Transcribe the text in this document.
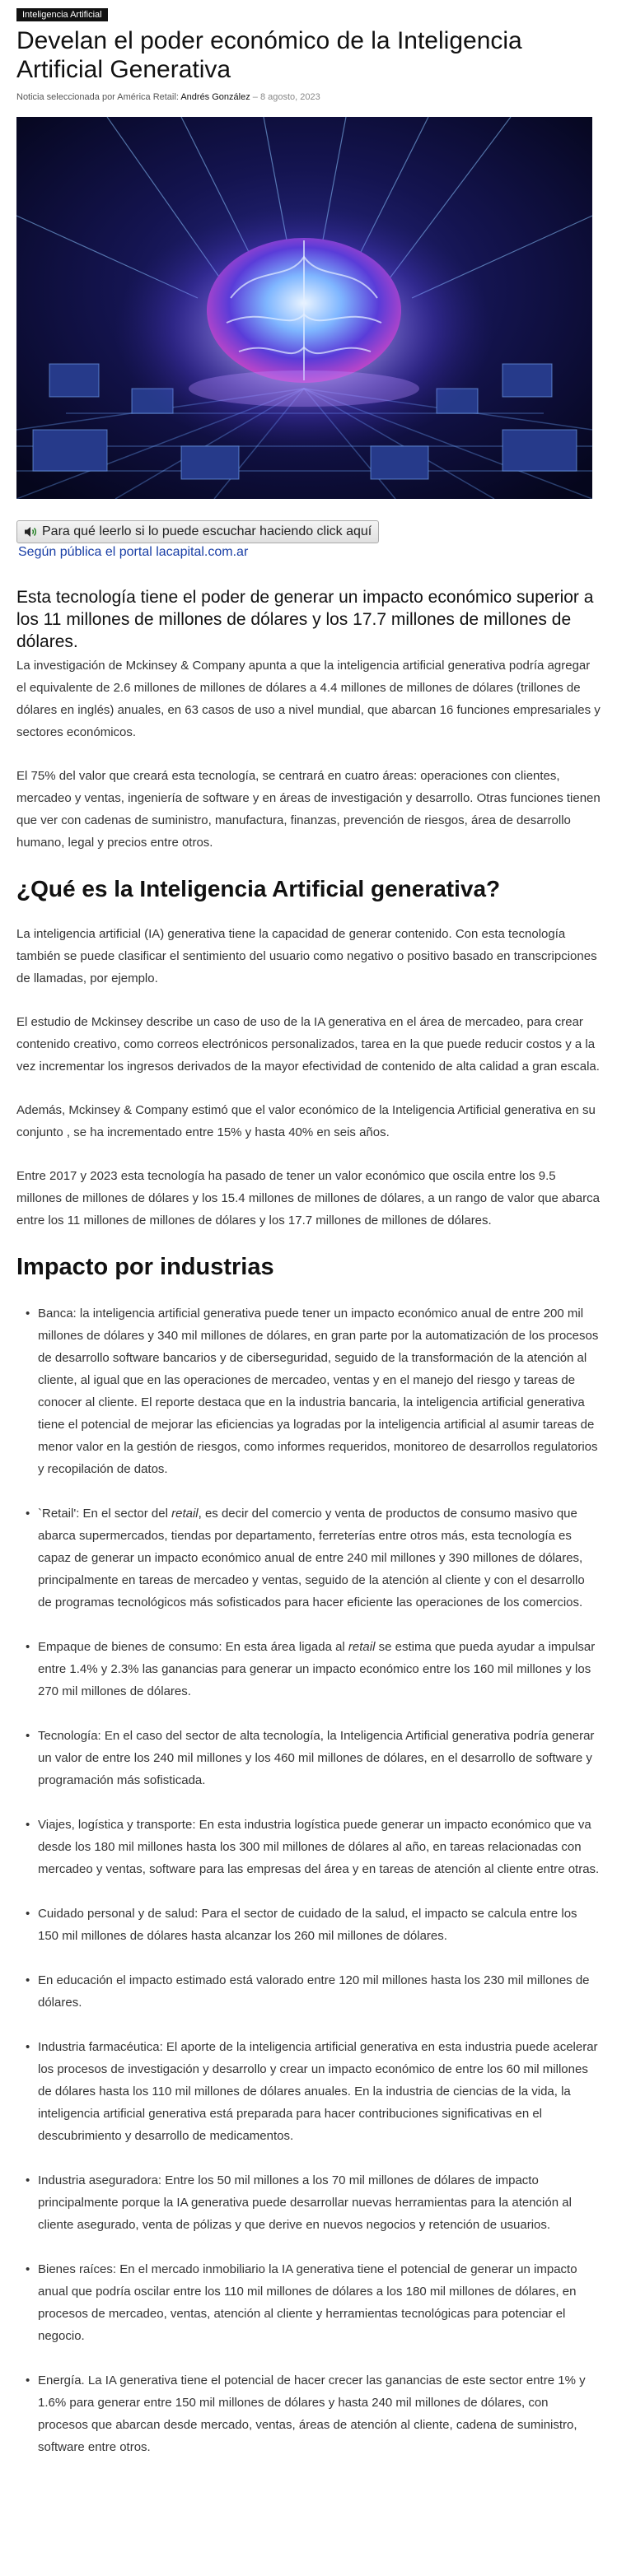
Inteligencia Artificial
Develan el poder económico de la Inteligencia Artificial Generativa
Noticia seleccionada por América Retail: Andrés González – 8 agosto, 2023
Para qué leerlo si lo puede escuchar haciendo click aquí
Según pública el portal lacapital.com.ar

Esta tecnología tiene el poder de generar un impacto económico superior a los 11 millones de millones de dólares y los 17.7 millones de millones de dólares.

La investigación de Mckinsey & Company apunta a que la inteligencia artificial generativa podría agregar el equivalente de 2.6 millones de millones de dólares a 4.4 millones de millones de dólares (trillones de dólares en inglés) anuales, en 63 casos de uso a nivel mundial, que abarcan 16 funciones empresariales y sectores económicos.

El 75% del valor que creará esta tecnología, se centrará en cuatro áreas: operaciones con clientes, mercadeo y ventas, ingeniería de software y en áreas de investigación y desarrollo. Otras funciones tienen que ver con cadenas de suministro, manufactura, finanzas, prevención de riesgos, área de desarrollo humano, legal y precios entre otros.

¿Qué es la Inteligencia Artificial generativa?

La inteligencia artificial (IA) generativa tiene la capacidad de generar contenido. Con esta tecnología también se puede clasificar el sentimiento del usuario como negativo o positivo basado en transcripciones de llamadas, por ejemplo.

El estudio de Mckinsey describe un caso de uso de la IA generativa en el área de mercadeo, para crear contenido creativo, como correos electrónicos personalizados, tarea en la que puede reducir costos y a la vez incrementar los ingresos derivados de la mayor efectividad de contenido de alta calidad a gran escala.

Además, Mckinsey & Company estimó que el valor económico de la Inteligencia Artificial generativa en su conjunto , se ha incrementado entre 15% y hasta 40% en seis años.

Entre 2017 y 2023 esta tecnología ha pasado de tener un valor económico que oscila entre los 9.5 millones de millones de dólares y los 15.4 millones de millones de dólares, a un rango de valor que abarca entre los 11 millones de millones de dólares y los 17.7 millones de millones de dólares.

Impacto por industrias
• Banca: la inteligencia artificial generativa puede tener un impacto económico anual de entre 200 mil millones de dólares y 340 mil millones de dólares, en gran parte por la automatización de los procesos de desarrollo software bancarios y de ciberseguridad, seguido de la transformación de la atención al cliente, al igual que en las operaciones de mercadeo, ventas y en el manejo del riesgo y tareas de conocer al cliente. El reporte destaca que en la industria bancaria, la inteligencia artificial generativa tiene el potencial de mejorar las eficiencias ya logradas por la inteligencia artificial al asumir tareas de menor valor en la gestión de riesgos, como informes requeridos, monitoreo de desarrollos regulatorios y recopilación de datos.
• `Retail': En el sector del retail, es decir del comercio y venta de productos de consumo masivo que abarca supermercados, tiendas por departamento, ferreterías entre otros más, esta tecnología es capaz de generar un impacto económico anual de entre 240 mil millones y 390 millones de dólares, principalmente en tareas de mercadeo y ventas, seguido de la atención al cliente y con el desarrollo de programas tecnológicos más sofisticados para hacer eficiente las operaciones de los comercios.
• Empaque de bienes de consumo: En esta área ligada al retail se estima que pueda ayudar a impulsar entre 1.4% y 2.3% las ganancias para generar un impacto económico entre los 160 mil millones y los 270 mil millones de dólares.
• Tecnología: En el caso del sector de alta tecnología, la Inteligencia Artificial generativa podría generar un valor de entre los 240 mil millones y los 460 mil millones de dólares, en el desarrollo de software y programación más sofisticada.
• Viajes, logística y transporte: En esta industria logística puede generar un impacto económico que va desde los 180 mil millones hasta los 300 mil millones de dólares al año, en tareas relacionadas con mercadeo y ventas, software para las empresas del área y en tareas de atención al cliente entre otras.
• Cuidado personal y de salud: Para el sector de cuidado de la salud, el impacto se calcula entre los 150 mil millones de dólares hasta alcanzar los 260 mil millones de dólares.
• En educación el impacto estimado está valorado entre 120 mil millones hasta los 230 mil millones de dólares.
• Industria farmacéutica: El aporte de la inteligencia artificial generativa en esta industria puede acelerar los procesos de investigación y desarrollo y crear un impacto económico de entre los 60 mil millones de dólares hasta los 110 mil millones de dólares anuales. En la industria de ciencias de la vida, la inteligencia artificial generativa está preparada para hacer contribuciones significativas en el descubrimiento y desarrollo de medicamentos.
• Industria aseguradora: Entre los 50 mil millones a los 70 mil millones de dólares de impacto principalmente porque la IA generativa puede desarrollar nuevas herramientas para la atención al cliente asegurado, venta de pólizas y que derive en nuevos negocios y retención de usuarios.
• Bienes raíces: En el mercado inmobiliario la IA generativa tiene el potencial de generar un impacto anual que podría oscilar entre los 110 mil millones de dólares a los 180 mil millones de dólares, en procesos de mercadeo, ventas, atención al cliente y herramientas tecnológicas para potenciar el negocio.
• Energía. La IA generativa tiene el potencial de hacer crecer las ganancias de este sector entre 1% y 1.6% para generar entre 150 mil millones de dólares y hasta 240 mil millones de dólares, con procesos que abarcan desde mercado, ventas, áreas de atención al cliente, cadena de suministro, software entre otros.
